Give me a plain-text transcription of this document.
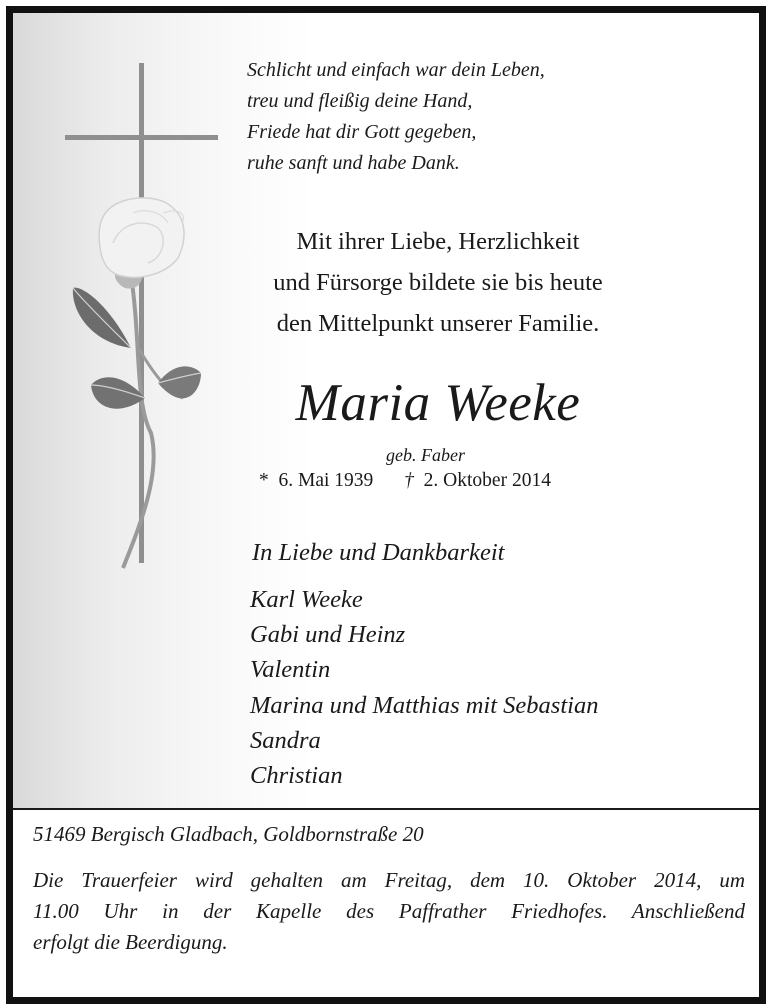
Schlicht und einfach war dein Leben,
treu und fleißig deine Hand,
Friede hat dir Gott gegeben,
ruhe sanft und habe Dank.
Mit ihrer Liebe, Herzlichkeit
und Fürsorge bildete sie bis heute
den Mittelpunkt unserer Familie.
Maria Weeke
geb. Faber
* 6. Mai 1939 † 2. Oktober 2014
In Liebe und Dankbarkeit
Karl Weeke
Gabi und Heinz
Valentin
Marina und Matthias mit Sebastian
Sandra
Christian
51469 Bergisch Gladbach, Goldbornstraße 20
Die Trauerfeier wird gehalten am Freitag, dem 10. Oktober 2014, um
11.00 Uhr in der Kapelle des Paffrather Friedhofes. Anschließend
erfolgt die Beerdigung.
